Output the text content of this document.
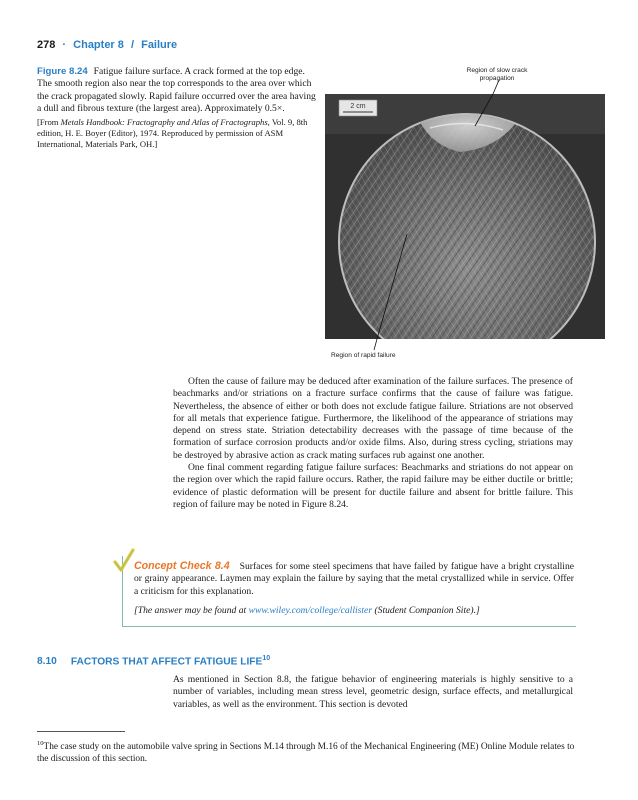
278 · Chapter 8 / Failure
Figure 8.24 Fatigue failure surface. A crack formed at the top edge. The smooth region also near the top corresponds to the area over which the crack propagated slowly. Rapid failure occurred over the area having a dull and fibrous texture (the largest area). Approximately 0.5×.
[From Metals Handbook: Fractography and Atlas of Fractographs, Vol. 9, 8th edition, H. E. Boyer (Editor), 1974. Reproduced by permission of ASM International, Materials Park, OH.]
Region of slow crack propagation
Region of rapid failure
2 cm

Often the cause of failure may be deduced after examination of the failure surfaces. The presence of beachmarks and/or striations on a fracture surface confirms that the cause of failure was fatigue. Nevertheless, the absence of either or both does not exclude fatigue failure. Striations are not observed for all metals that experience fatigue. Furthermore, the likelihood of the appearance of striations may depend on stress state. Striation detectability decreases with the passage of time because of the formation of surface corrosion products and/or oxide films. Also, during stress cycling, striations may be destroyed by abrasive action as crack mating surfaces rub against one another.

One final comment regarding fatigue failure surfaces: Beachmarks and striations do not appear on the region over which the rapid failure occurs. Rather, the rapid failure may be either ductile or brittle; evidence of plastic deformation will be present for ductile failure and absent for brittle failure. This region of failure may be noted in Figure 8.24.

Concept Check 8.4 Surfaces for some steel specimens that have failed by fatigue have a bright crystalline or grainy appearance. Laymen may explain the failure by saying that the metal crystallized while in service. Offer a criticism for this explanation.
[The answer may be found at www.wiley.com/college/callister (Student Companion Site).]
8.10 FACTORS THAT AFFECT FATIGUE LIFE$^{10}$
As mentioned in Section 8.8, the fatigue behavior of engineering materials is highly sensitive to a number of variables, including mean stress level, geometric design, surface effects, and metallurgical variables, as well as the environment. This section is devoted
$^{10}$The case study on the automobile valve spring in Sections M.14 through M.16 of the Mechanical Engineering (ME) Online Module relates to the discussion of this section.
